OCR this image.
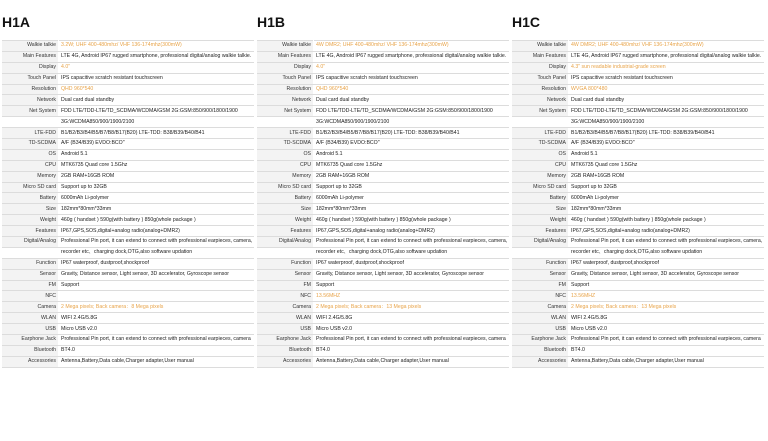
H1A
Walkie talkie	3.2W; UHF 400-480mhz/ VHF 136-174mhz(300mW)
Main Features	LTE 4G, Android IP67 rugged smartphone, professional digital/analog walkie talkie.
Display	4.0"
Touch Panel	IPS capacitive scratch resistant touchscreen
Resolution	QHD 960*540
Network	Dual card dual standby
Net System	FDD LTE/TDD-LTE/TD_SCDMA/WCDMA/GSM 2G:GSM:850/900/1800/1900
	3G:WCDMA850/900/1900/2100
LTE-FDD	B1/B2/B3/B4/B5/B7/B8/B17(B20) LTE-TDD: B38/B39/B40/B41
TD-SCDMA	A/F (B34/B39) EVDO:BCO"
OS	Android 5.1
CPU	MTK6735 Quad core 1.5Ghz
Memory	2GB RAM+16GB ROM
Micro SD card	Support up to 32GB
Battery	6000mAh Li-polymer
Size	182mm*80mm*33mm
Weight	460g ( handset ) 590g(with battery ) 850g(whole package )
Features	IP67,GPS,SOS,digital+analog radio(analog+DMR2)
Digital/Analog	Professional Pin port, it can extend to connect with professional earpieces, camera,
	recorder etc、charging dock,OTG,also software updation
Function	IP67 waterproof, dustproof,shockproof
Sensor	Gravity, Distance sensor, Light sensor, 3D accelerator, Gyroscope sensor
FM	Support
NFC	
Camera	2 Mega pixels; Back camera：8 Mega pixels
WLAN	WIFI 2.4G/5.8G
USB	Micro USB v2.0
Earphone Jack	Professional Pin port, it can extend to connect with professional earpieces, camera
Bluetooth	BT4.0
Accessories	Antenna,Battery,Data cable,Charger adapter,User manual
H1B
Walkie talkie	4W DMR2; UHF 400-480mhz/ VHF 136-174mhz(300mW)
Main Features	LTE 4G, Android IP67 rugged smartphone, professional digital/analog walkie talkie.
Display	4.0"
Touch Panel	IPS capacitive scratch resistant touchscreen
Resolution	QHD 960*540
Network	Dual card dual standby
Net System	FDD LTE/TDD-LTE/TD_SCDMA/WCDMA/GSM 2G:GSM:850/900/1800/1900
	3G:WCDMA850/900/1900/2100
LTE-FDD	B1/B2/B3/B4/B5/B7/B8/B17(B20) LTE-TDD: B38/B39/B40/B41
TD-SCDMA	A/F (B34/B39) EVDO:BCO"
OS	Android 5.1
CPU	MTK6735 Quad core 1.5Ghz
Memory	2GB RAM+16GB ROM
Micro SD card	Support up to 32GB
Battery	6000mAh Li-polymer
Size	182mm*80mm*33mm
Weight	460g ( handset ) 590g(with battery ) 850g(whole package )
Features	IP67,GPS,SOS,digital+analog radio(analog+DMR2)
Digital/Analog	Professional Pin port, it can extend to connect with professional earpieces, camera,
	recorder etc、charging dock,OTG,also software updation
Function	IP67 waterproof, dustproof,shockproof
Sensor	Gravity, Distance sensor, Light sensor, 3D accelerator, Gyroscope sensor
FM	Support
NFC	13.56MHZ
Camera	2 Mega pixels; Back camera：13 Mega pixels
WLAN	WIFI 2.4G/5.8G
USB	Micro USB v2.0
Earphone Jack	Professional Pin port, it can extend to connect with professional earpieces, camera
Bluetooth	BT4.0
Accessories	Antenna,Battery,Data cable,Charger adapter,User manual
H1C
Walkie talkie	4W DMR2; UHF 400-480mhz/ VHF 136-174mhz(300mW)
Main Features	LTE 4G, Android IP67 rugged smartphone, professional digital/analog walkie talkie.
Display	4.3" sun readable industrial-grade screen
Touch Panel	IPS capacitive scratch resistant touchscreen
Resolution	WVGA 800*480
Network	Dual card dual standby
Net System	FDD LTE/TDD-LTE/TD_SCDMA/WCDMA/GSM 2G:GSM:850/900/1800/1900
	3G:WCDMA850/900/1900/2100
LTE-FDD	B1/B2/B3/B4/B5/B7/B8/B17(B20) LTE-TDD: B38/B39/B40/B41
TD-SCDMA	A/F (B34/B39) EVDO:BCO"
OS	Android 5.1
CPU	MTK6735 Quad core 1.5Ghz
Memory	2GB RAM+16GB ROM
Micro SD card	Support up to 32GB
Battery	6000mAh Li-polymer
Size	182mm*80mm*33mm
Weight	460g ( handset ) 590g(with battery ) 850g(whole package )
Features	IP67,GPS,SOS,digital+analog radio(analog+DMR2)
Digital/Analog	Professional Pin port, it can extend to connect with professional earpieces, camera,
	recorder etc、charging dock,OTG,also software updation
Function	IP67 waterproof, dustproof,shockproof
Sensor	Gravity, Distance sensor, Light sensor, 3D accelerator, Gyroscope sensor
FM	Support
NFC	13.56MHZ
Camera	2 Mega pixels; Back camera：13 Mega pixels
WLAN	WIFI 2.4G/5.8G
USB	Micro USB v2.0
Earphone Jack	Professional Pin port, it can extend to connect with professional earpieces, camera
Bluetooth	BT4.0
Accessories	Antenna,Battery,Data cable,Charger adapter,User manual
